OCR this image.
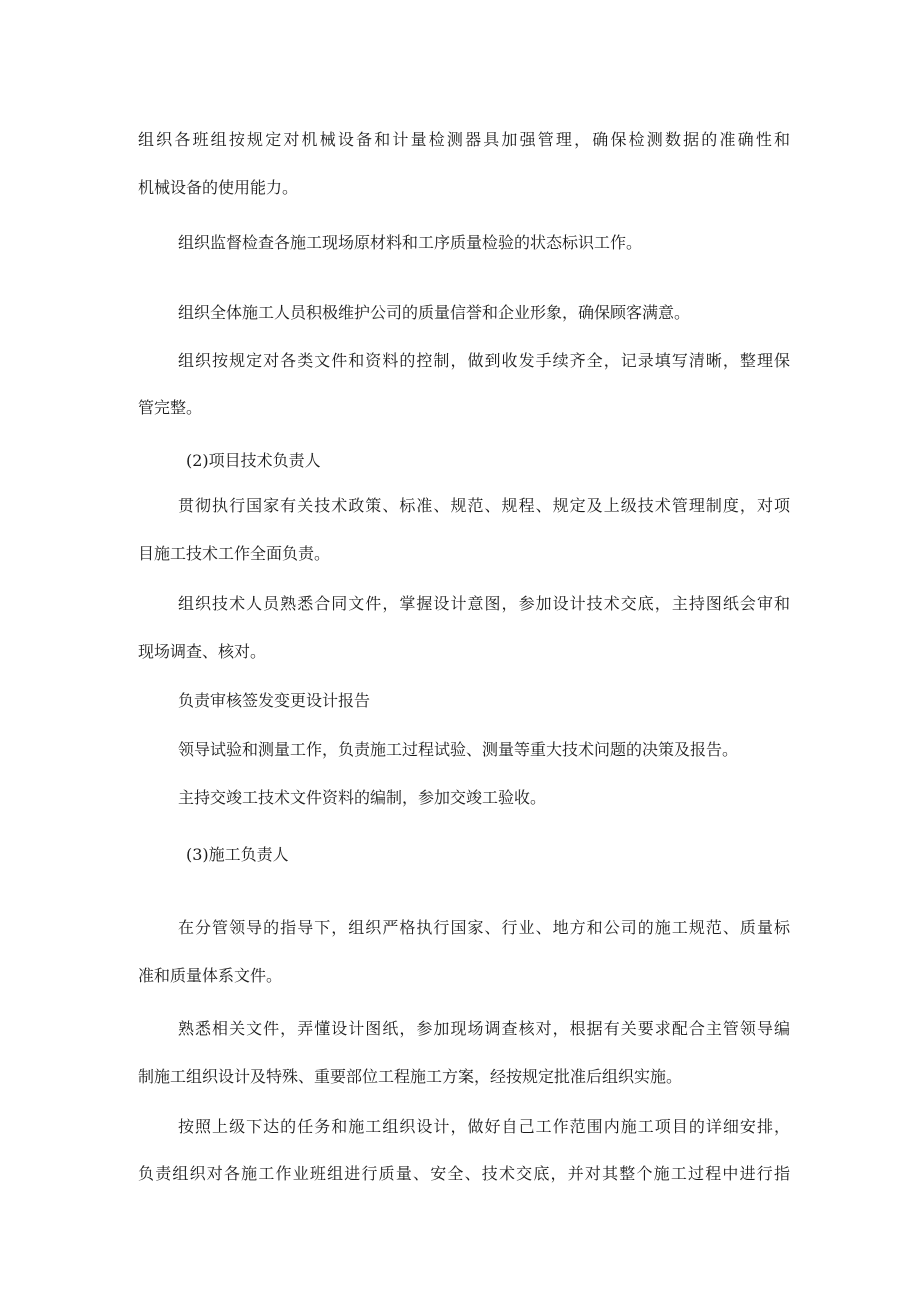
组织各班组按规定对机械设备和计量检测器具加强管理，确保检测数据的准确性和
机械设备的使用能力。
组织监督检查各施工现场原材料和工序质量检验的状态标识工作。
组织全体施工人员积极维护公司的质量信誉和企业形象，确保顾客满意。
组织按规定对各类文件和资料的控制，做到收发手续齐全，记录填写清晰，整理保
管完整。
(2)项目技术负责人
贯彻执行国家有关技术政策、标准、规范、规程、规定及上级技术管理制度，对项
目施工技术工作全面负责。
组织技术人员熟悉合同文件，掌握设计意图，参加设计技术交底，主持图纸会审和
现场调查、核对。
负责审核签发变更设计报告
领导试验和测量工作，负责施工过程试验、测量等重大技术问题的决策及报告。
主持交竣工技术文件资料的编制，参加交竣工验收。
(3)施工负责人
在分管领导的指导下，组织严格执行国家、行业、地方和公司的施工规范、质量标
准和质量体系文件。
熟悉相关文件，弄懂设计图纸，参加现场调查核对，根据有关要求配合主管领导编
制施工组织设计及特殊、重要部位工程施工方案，经按规定批准后组织实施。
按照上级下达的任务和施工组织设计，做好自己工作范围内施工项目的详细安排，
负责组织对各施工作业班组进行质量、安全、技术交底，并对其整个施工过程中进行指
